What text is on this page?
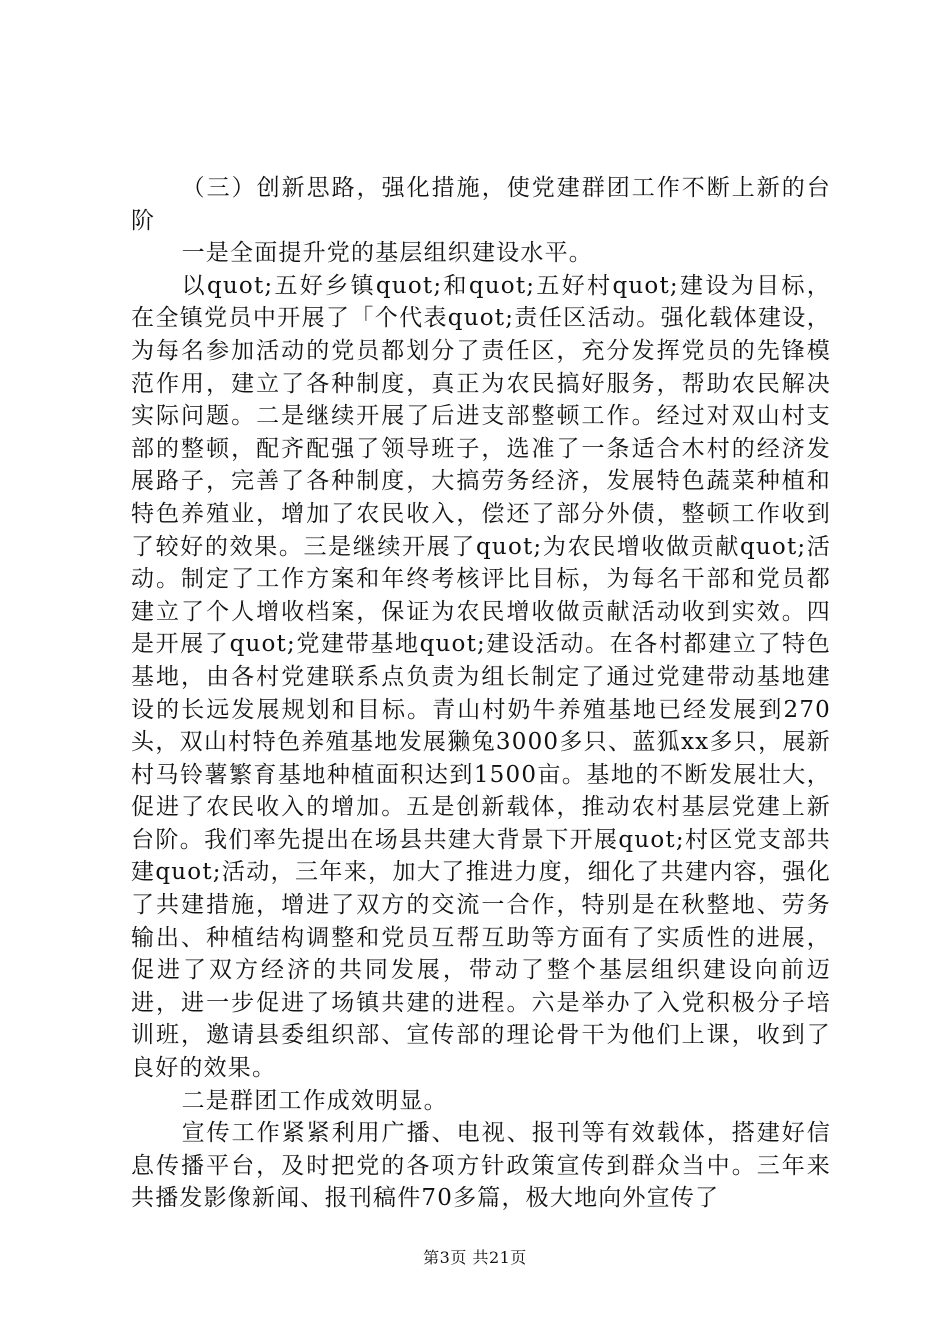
（三）创新思路，强化措施，使党建群团工作不断上新的台阶

一是全面提升党的基层组织建设水平。

以quot;五好乡镇quot;和quot;五好村quot;建设为目标，在全镇党员中开展了「个代表quot;责任区活动。强化载体建设，为每名参加活动的党员都划分了责任区，充分发挥党员的先锋模范作用，建立了各种制度，真正为农民搞好服务，帮助农民解决实际问题。二是继续开展了后进支部整顿工作。经过对双山村支部的整顿，配齐配强了领导班子，选准了一条适合木村的经济发展路子，完善了各种制度，大搞劳务经济，发展特色蔬菜种植和特色养殖业，增加了农民收入，偿还了部分外债，整顿工作收到了较好的效果。三是继续开展了quot;为农民增收做贡献quot;活动。制定了工作方案和年终考核评比目标，为每名干部和党员都建立了个人增收档案，保证为农民增收做贡献活动收到实效。四是开展了quot;党建带基地quot;建设活动。在各村都建立了特色基地，由各村党建联系点负责为组长制定了通过党建带动基地建设的长远发展规划和目标。青山村奶牛养殖基地已经发展到270头，双山村特色养殖基地发展獭兔3000多只、蓝狐xx多只，展新村马铃薯繁育基地种植面积达到1500亩。基地的不断发展壮大，促进了农民收入的增加。五是创新载体，推动农村基层党建上新台阶。我们率先提出在场县共建大背景下开展quot;村区党支部共建quot;活动，三年来，加大了推进力度，细化了共建内容，强化了共建措施，增进了双方的交流一合作，特别是在秋整地、劳务输出、种植结构调整和党员互帮互助等方面有了实质性的进展，促进了双方经济的共同发展，带动了整个基层组织建设向前迈进，进一步促进了场镇共建的进程。六是举办了入党积极分子培训班，邀请县委组织部、宣传部的理论骨干为他们上课，收到了良好的效果。

二是群团工作成效明显。

宣传工作紧紧利用广播、电视、报刊等有效载体，搭建好信息传播平台，及时把党的各项方针政策宣传到群众当中。三年来共播发影像新闻、报刊稿件70多篇，极大地向外宣传了

第3页 共21页
